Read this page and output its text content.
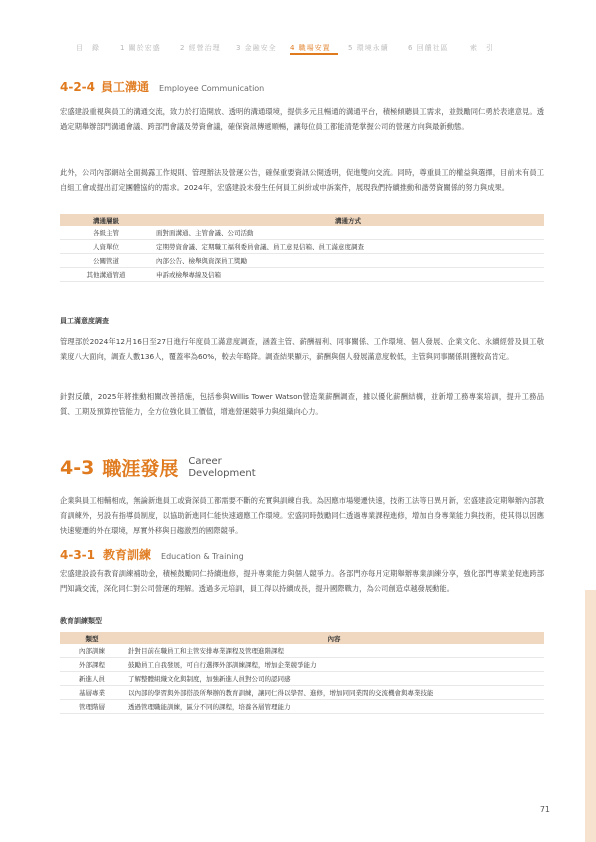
目　錄	1 關於宏盛	2 經營治理 3 金融安全 4 職場安置 5 環境永續	6 回饋社區	索　引
4-2-4 員工溝通 Employee Communication
宏盛建設重視與員工的溝通交流，致力於打造開放、透明的溝通環境，提供多元且暢通的溝通平台，積極傾聽員工需求，並鼓勵同仁勇於表達意見。透過定期舉辦部門溝通會議、跨部門會議及勞資會議，確保資訊傳遞順暢，讓每位員工都能清楚掌握公司的營運方向與最新動態。
此外，公司內部網站全面揭露工作規則、管理辦法及營運公告，確保重要資訊公開透明，促進雙向交流。同時，尊重員工的權益與選擇，目前未有員工自組工會或提出訂定團體協約的需求。2024年，宏盛建設未發生任何員工糾紛或申訴案件，展現我們持續推動和諧勞資關係的努力與成果。
溝通層級	溝通方式
各級主管	面對面溝通、主管會議、公司活動
人資單位	定期勞資會議、定期職工福利委員會議、員工意見信箱、員工滿意度調查
公關管道	內部公告、檢舉與資深員工獎勵
其他溝通管道	申訴或檢舉專線及信箱
員工滿意度調查
管理部於2024年12月16日至27日進行年度員工滿意度調查，涵蓋主管、薪酬福利、同事關係、工作環境、個人發展、企業文化、永續經營及員工敬業度八大面向，調查人數136人，覆蓋率為60%，較去年略降。調查結果顯示，薪酬與個人發展滿意度較低，主管與同事關係則獲較高肯定。
針對反饋，2025年將推動相關改善措施，包括參與Willis Tower Watson營造業薪酬調查，據以優化薪酬結構，並新增工務專案培訓，提升工務品質、工期及預算控管能力，全方位強化員工價值，增進營運競爭力與組織向心力。
4-3 職涯發展 Career
Development
企業與員工相輔相成，無論新進員工或資深員工都需要不斷的充實與訓練自我。為因應市場變遷快速，技術工法等日異月新，宏盛建設定期舉辦內部教育訓練外，另設有指導員制度，以協助新進同仁能快速適應工作環境。宏盛同時鼓勵同仁透過專業課程進修，增加自身專業能力與技術，使其得以因應快速變遷的外在環境，厚實外移與日趨激烈的國際競爭。
4-3-1 教育訓練 Education & Training
宏盛建設設有教育訓練補助金，積極鼓勵同仁持續進修，提升專業能力與個人競爭力。各部門亦每月定期舉辦專業訓練分享，強化部門專業並促進跨部門知識交流，深化同仁對公司營運的理解。透過多元培訓，員工得以持續成長，提升國際戰力，為公司創造卓越發展動能。
教育訓練類型
類型	內容
內部訓練	針對目前在職員工和主管安排專業課程及管理進階課程
外部課程	鼓勵員工自我發展，可自行選擇外部訓練課程，增加企業競爭能力
新進人員	了解整體組織文化與制度，加強新進人員對公司的認同感
基層專業	以內部的學習與外部搭設所舉辦的教育訓練，讓同仁得以學習、進修，增加同同業間的交流機會與專業技能
管理階層	透過管理職能訓練，區分不同的課程，培養各層管理能力
71
